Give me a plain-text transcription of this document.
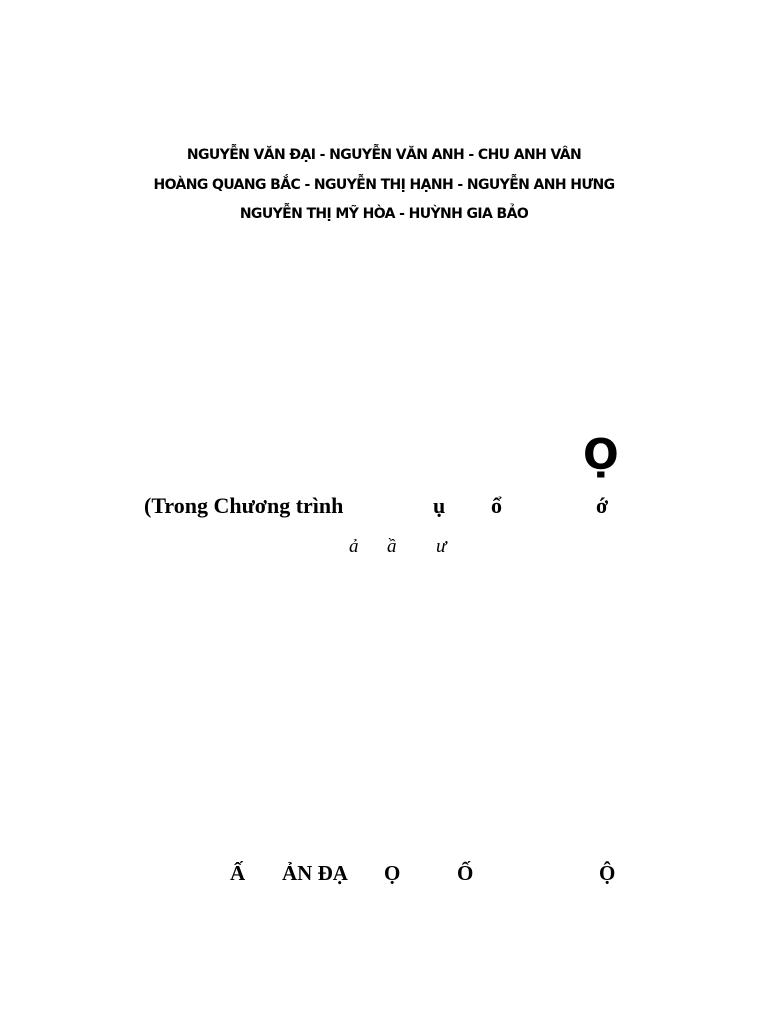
NGUYỄN VĂN ĐẠI - NGUYỄN VĂN ANH - CHU ANH VÂN
HOÀNG QUANG BẮC - NGUYỄN THỊ HẠNH - NGUYỄN ANH HƯNG
NGUYỄN THỊ MỸ HÒA - HUỲNH GIA BẢO
Ọ
(Trong Chương trình	ụ ổ	ớ
ả ầ ư
Ấ ẢN ĐẠ Ọ	Ố	Ộ
